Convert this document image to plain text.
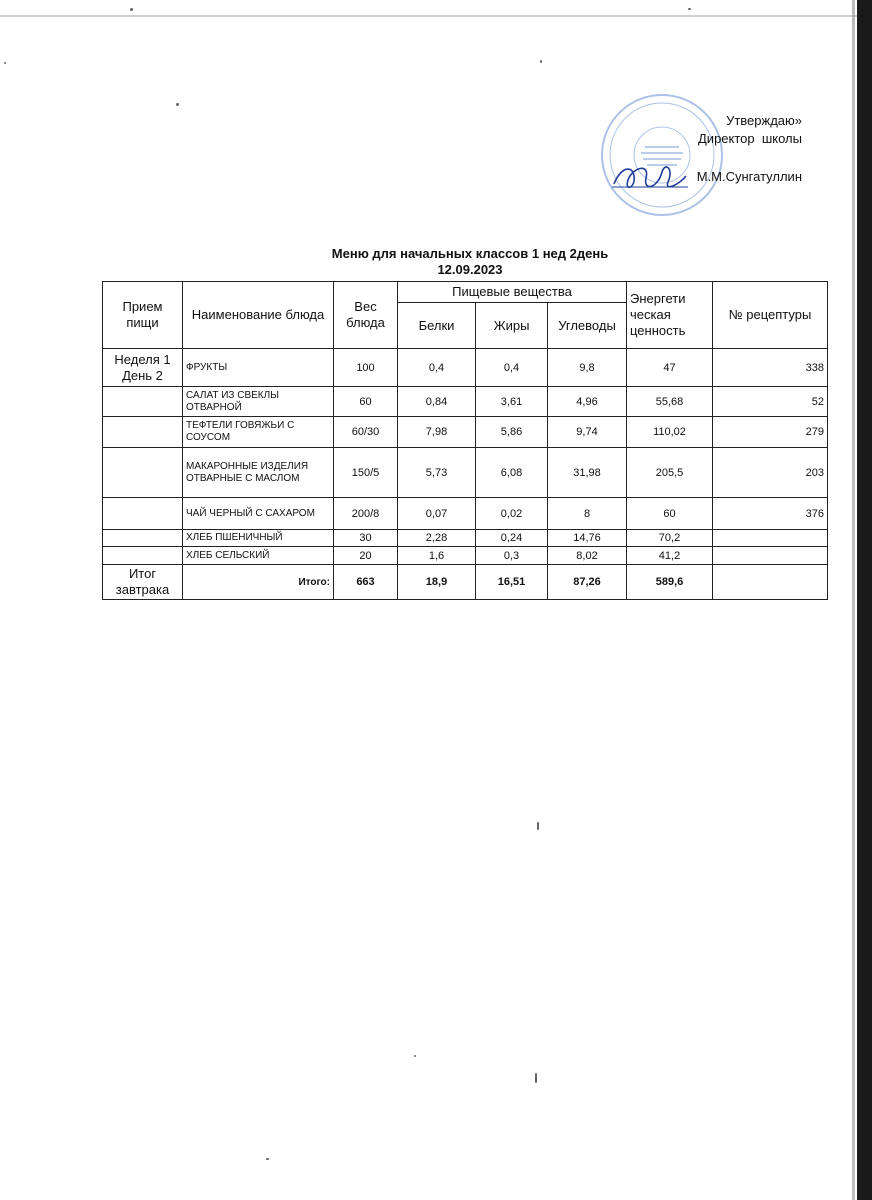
Утверждаю»
Директор  школы
М.М.Сунгатуллин
Меню для начальных классов 1 нед 2день
12.09.2023
Прием пищи	Наименование блюда	Вес блюда	Пищевые вещества			Энергети ческая ценность	№ рецептуры
			Белки	Жиры	Углеводы		
Неделя 1 День 2	ФРУКТЫ	100	0,4	0,4	9,8	47	338
	САЛАТ ИЗ СВЕКЛЫ ОТВАРНОЙ	60	0,84	3,61	4,96	55,68	52
	ТЕФТЕЛИ ГОВЯЖЬИ С СОУСОМ	60/30	7,98	5,86	9,74	110,02	279
	МАКАРОННЫЕ ИЗДЕЛИЯ ОТВАРНЫЕ С МАСЛОМ	150/5	5,73	6,08	31,98	205,5	203
	ЧАЙ ЧЕРНЫЙ С САХАРОМ	200/8	0,07	0,02	8	60	376
	ХЛЕБ ПШЕНИЧНЫЙ	30	2,28	0,24	14,76	70,2	
	ХЛЕБ СЕЛЬСКИЙ	20	1,6	0,3	8,02	41,2	
Итог завтрака	Итого:	663	18,9	16,51	87,26	589,6	
